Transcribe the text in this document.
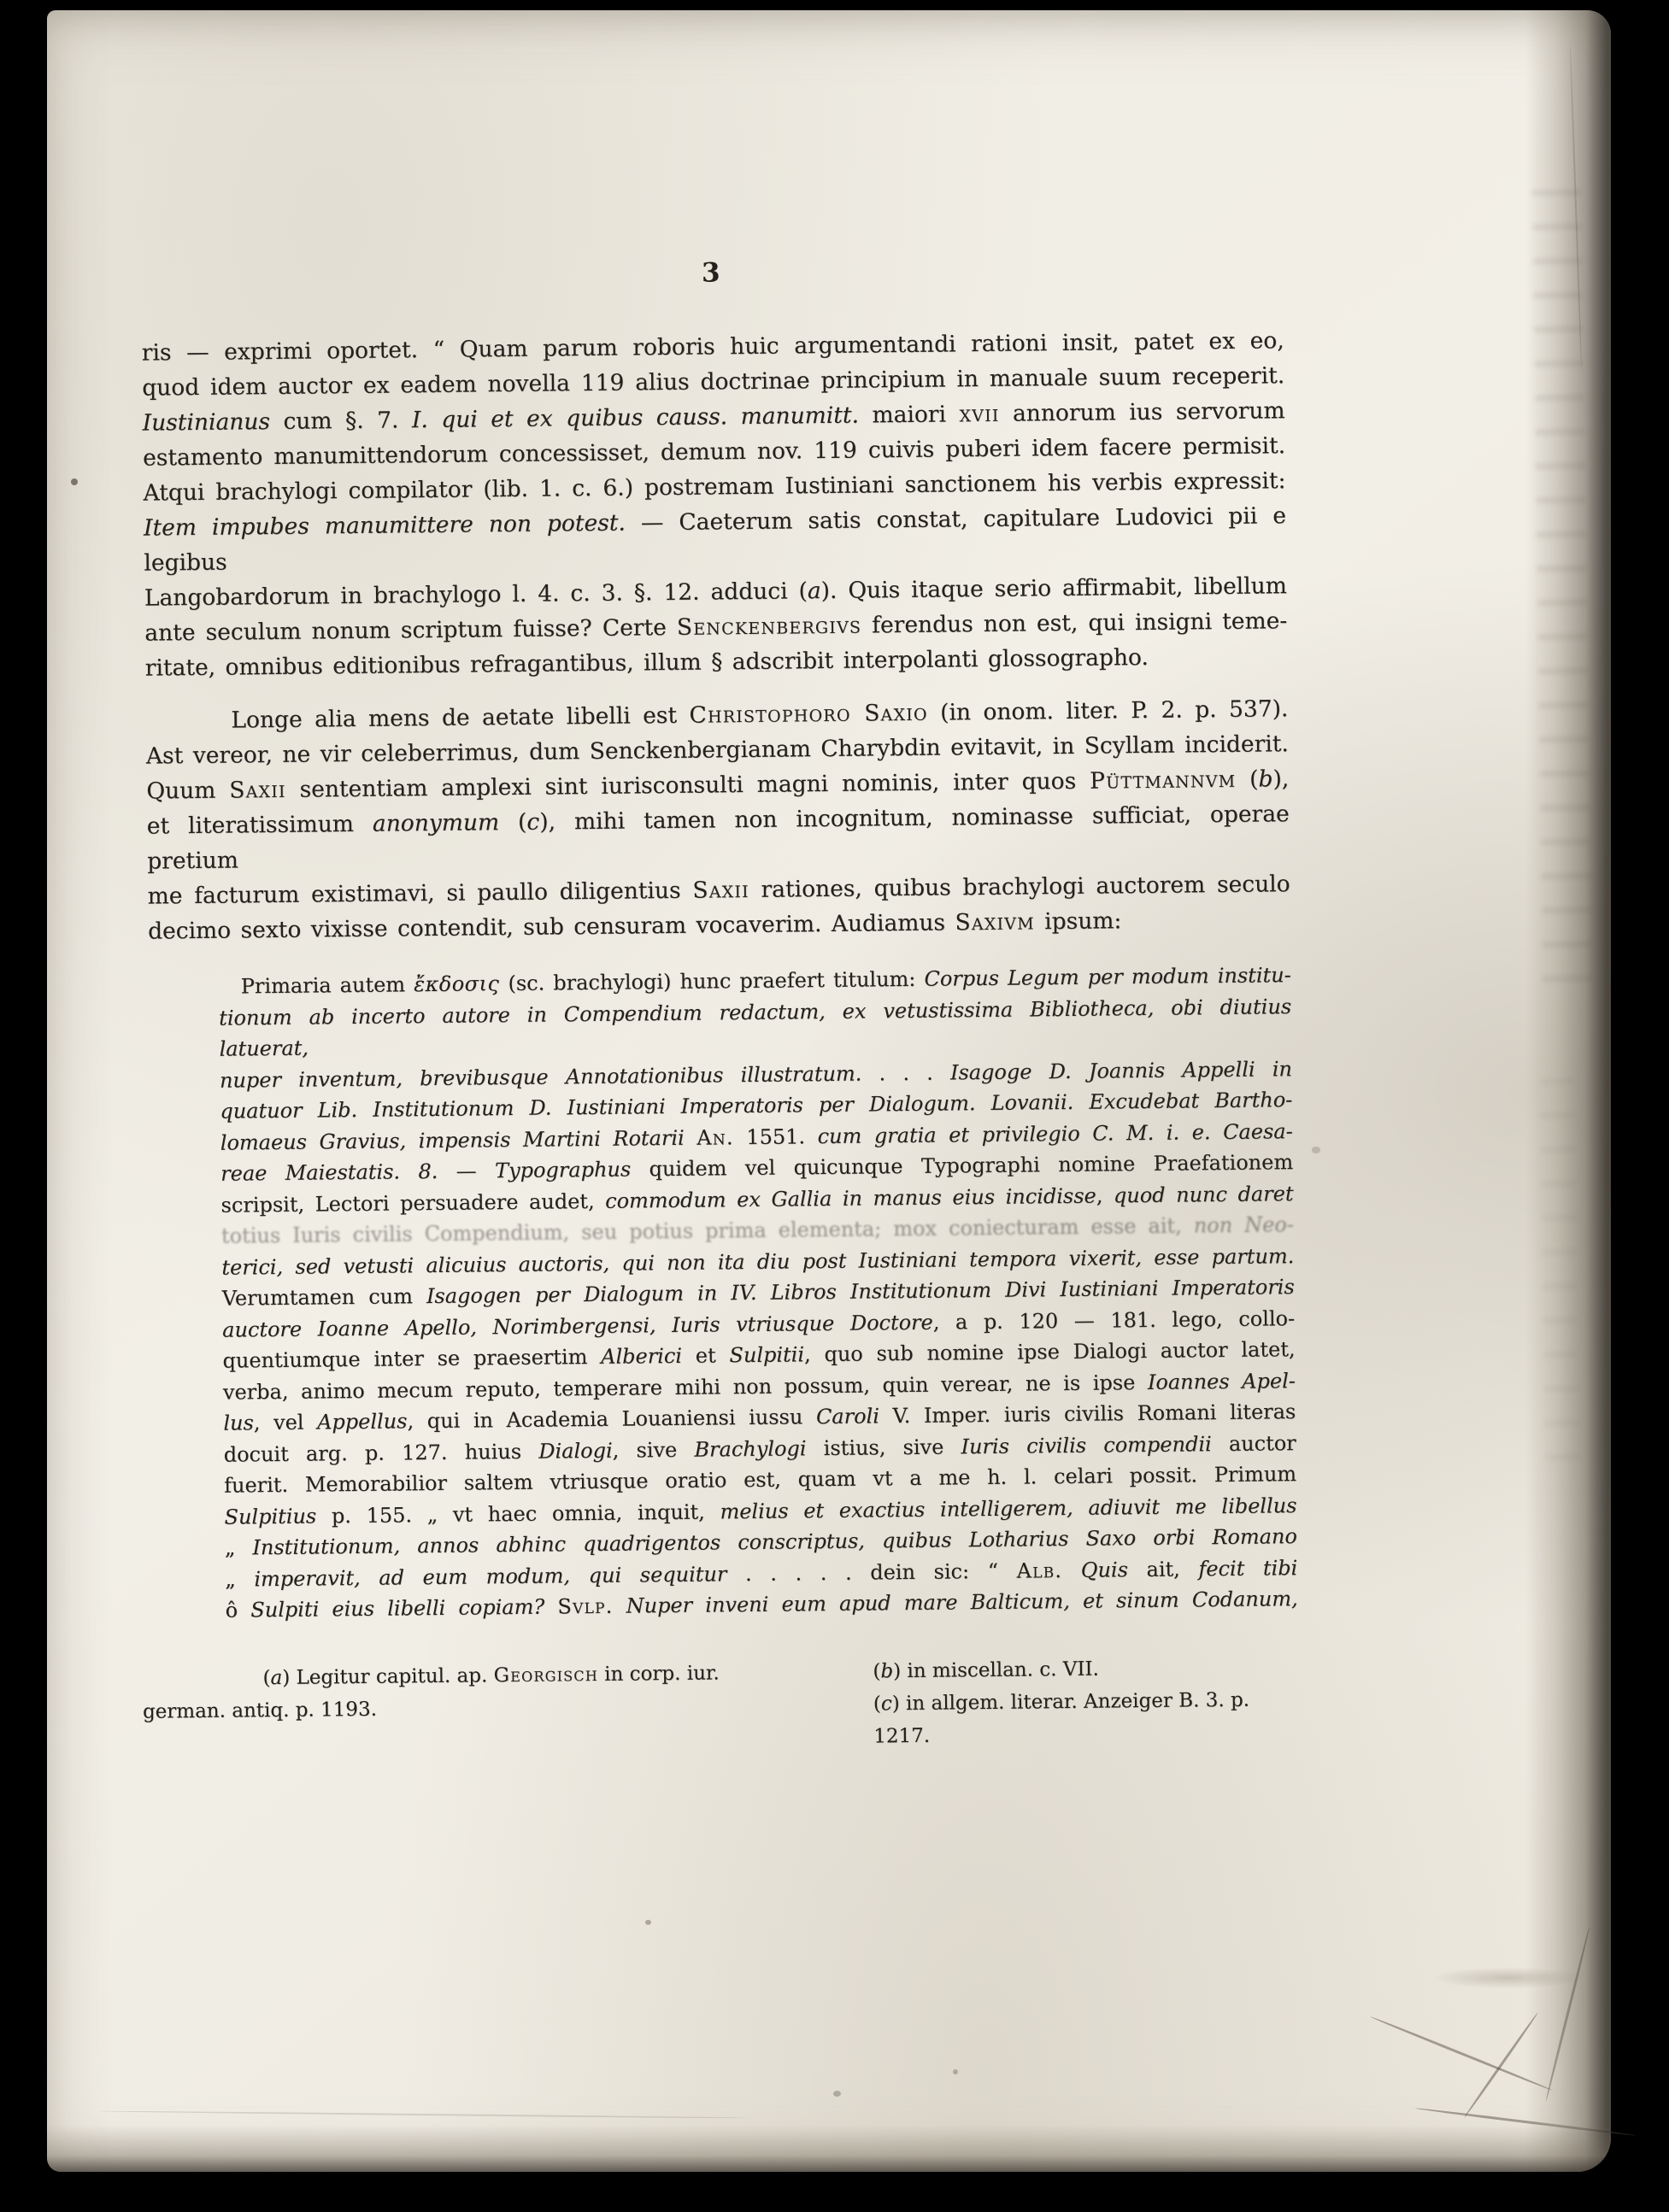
3
ris — exprimi oportet. “ Quam parum roboris huic argumentandi rationi insit, patet ex eo,
quod idem auctor ex eadem novella 119 alius doctrinae principium in manuale suum receperit.
Iustinianus cum §. 7. I. qui et ex quibus causs. manumitt. maiori xvii annorum ius servorum
estamento manumittendorum concessisset, demum nov. 119 cuivis puberi idem facere permisit.
Atqui brachylogi compilator (lib. 1. c. 6.) postremam Iustiniani sanctionem his verbis expressit:
Item impubes manumittere non potest. — Caeterum satis constat, capitulare Ludovici pii e legibus
Langobardorum in brachylogo l. 4. c. 3. §. 12. adduci (a). Quis itaque serio affirmabit, libellum
ante seculum nonum scriptum fuisse? Certe Senckenbergivs ferendus non est, qui insigni teme-
ritate, omnibus editionibus refragantibus, illum § adscribit interpolanti glossographo.
Longe alia mens de aetate libelli est Christophoro Saxio (in onom. liter. P. 2. p. 537).
Ast vereor, ne vir celeberrimus, dum Senckenbergianam Charybdin evitavit, in Scyllam inciderit.
Quum Saxii sententiam amplexi sint iurisconsulti magni nominis, inter quos Püttmannvm (b),
et literatissimum anonymum (c), mihi tamen non incognitum, nominasse sufficiat, operae pretium
me facturum existimavi, si paullo diligentius Saxii rationes, quibus brachylogi auctorem seculo
decimo sexto vixisse contendit, sub censuram vocaverim. Audiamus Saxivm ipsum:
Primaria autem ἔκδοσις (sc. brachylogi) hunc praefert titulum: Corpus Legum per modum institu-
tionum ab incerto autore in Compendium redactum, ex vetustissima Bibliotheca, obi diutius latuerat,
nuper inventum, brevibusque Annotationibus illustratum. . . . Isagoge D. Joannis Appelli in
quatuor Lib. Institutionum D. Iustiniani Imperatoris per Dialogum. Lovanii. Excudebat Bartho-
lomaeus Gravius, impensis Martini Rotarii An. 1551. cum gratia et privilegio C. M. i. e. Caesa-
reae Maiestatis. 8. — Typographus quidem vel quicunque Typographi nomine Praefationem
scripsit, Lectori persuadere audet, commodum ex Gallia in manus eius incidisse, quod nunc daret
totius Iuris civilis Compendium, seu potius prima elementa; mox coniecturam esse ait, non Neo-
terici, sed vetusti alicuius auctoris, qui non ita diu post Iustiniani tempora vixerit, esse partum.
Verumtamen cum Isagogen per Dialogum in IV. Libros Institutionum Divi Iustiniani Imperatoris
auctore Ioanne Apello, Norimbergensi, Iuris vtriusque Doctore, a p. 120 — 181. lego, collo-
quentiumque inter se praesertim Alberici et Sulpitii, quo sub nomine ipse Dialogi auctor latet,
verba, animo mecum reputo, temperare mihi non possum, quin verear, ne is ipse Ioannes Apel-
lus, vel Appellus, qui in Academia Louaniensi iussu Caroli V. Imper. iuris civilis Romani literas
docuit arg. p. 127. huius Dialogi, sive Brachylogi istius, sive Iuris civilis compendii auctor
fuerit. Memorabilior saltem vtriusque oratio est, quam vt a me h. l. celari possit. Primum
Sulpitius p. 155. „ vt haec omnia, inquit, melius et exactius intelligerem, adiuvit me libellus
„ Institutionum, annos abhinc quadrigentos conscriptus, quibus Lotharius Saxo orbi Romano
„ imperavit, ad eum modum, qui sequitur . . . . . dein sic: “ Alb. Quis ait, fecit tibi
ô Sulpiti eius libelli copiam? Svlp. Nuper inveni eum apud mare Balticum, et sinum Codanum,
(a) Legitur capitul. ap. Georgisch in corp. iur.
german. antiq. p. 1193.
(b) in miscellan. c. VII.
(c) in allgem. literar. Anzeiger B. 3. p. 1217.
